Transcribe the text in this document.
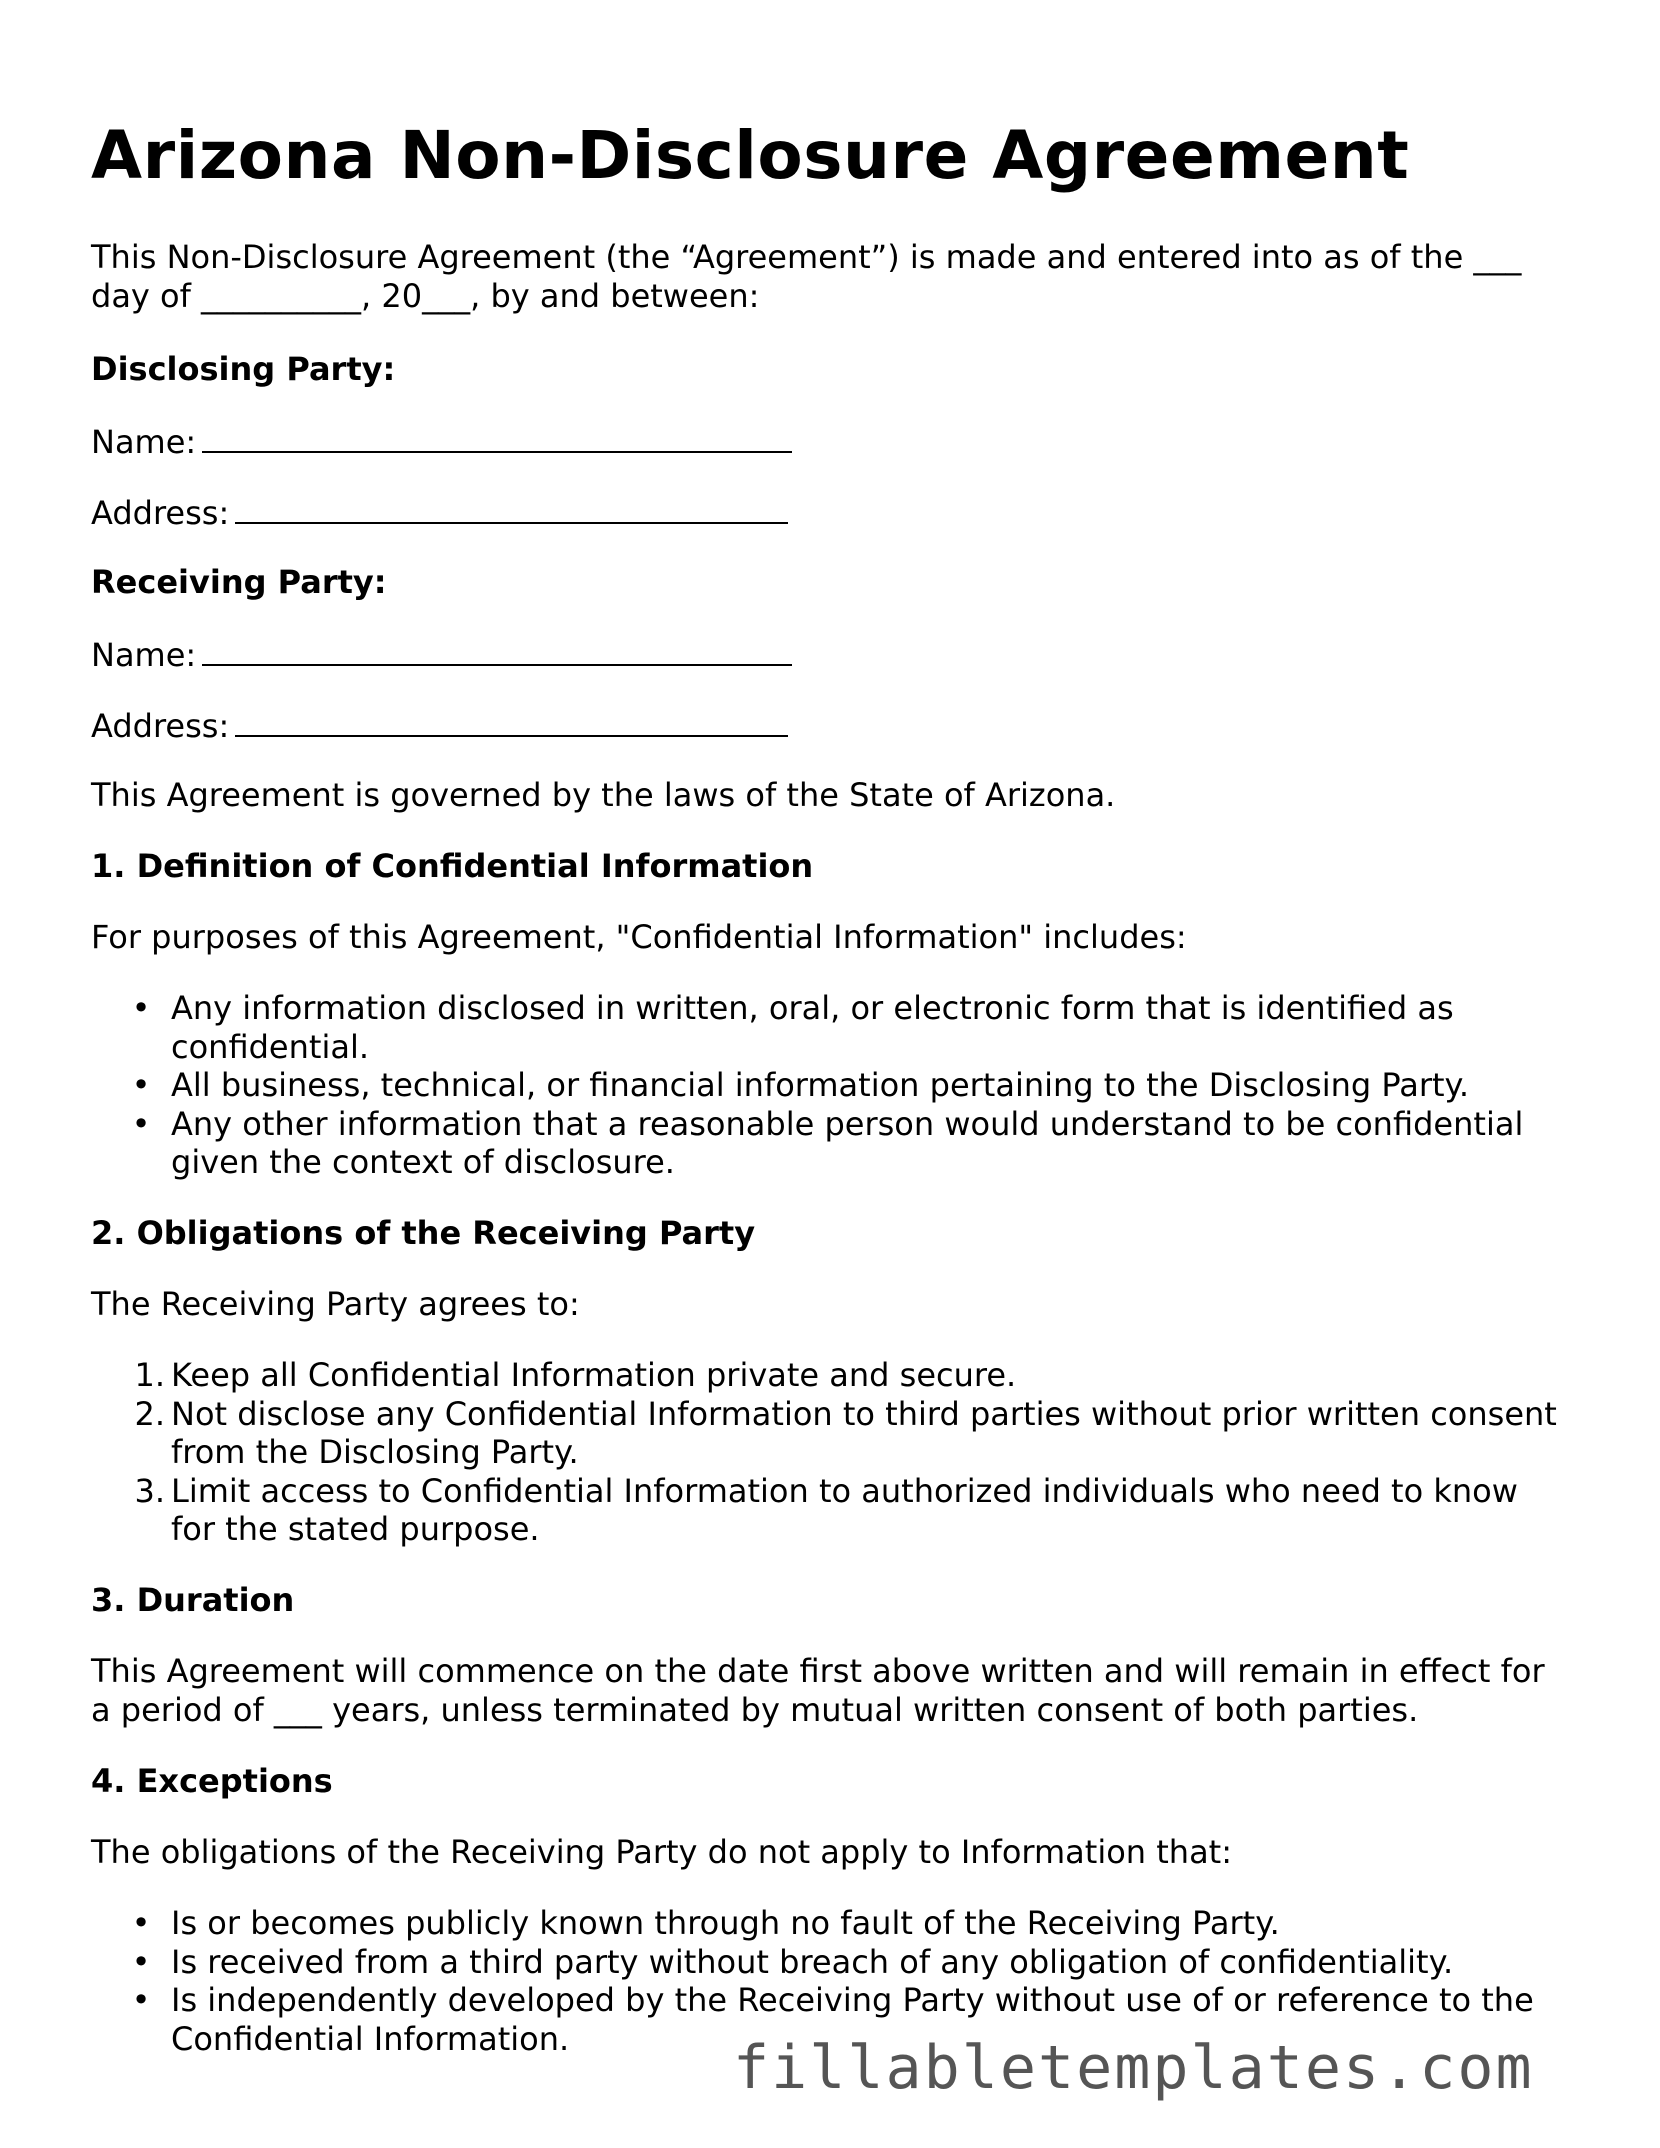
Arizona Non-Disclosure Agreement

This Non-Disclosure Agreement (the “Agreement”) is made and entered into as of the ___ day of __________, 20___, by and between:

Disclosing Party:
Name:
Address:
Receiving Party:
Name:
Address:

This Agreement is governed by the laws of the State of Arizona.

1. Definition of Confidential Information

For purposes of this Agreement, "Confidential Information" includes:

• Any information disclosed in written, oral, or electronic form that is identified as confidential.
• All business, technical, or financial information pertaining to the Disclosing Party.
• Any other information that a reasonable person would understand to be confidential given the context of disclosure.
2. Obligations of the Receiving Party

The Receiving Party agrees to:

1. Keep all Confidential Information private and secure.
2. Not disclose any Confidential Information to third parties without prior written consent from the Disclosing Party.
3. Limit access to Confidential Information to authorized individuals who need to know for the stated purpose.
3. Duration

This Agreement will commence on the date first above written and will remain in effect for a period of ___ years, unless terminated by mutual written consent of both parties.

4. Exceptions

The obligations of the Receiving Party do not apply to Information that:

• Is or becomes publicly known through no fault of the Receiving Party.
• Is received from a third party without breach of any obligation of confidentiality.
• Is independently developed by the Receiving Party without use of or reference to the Confidential Information.	fillabletemplates.com
